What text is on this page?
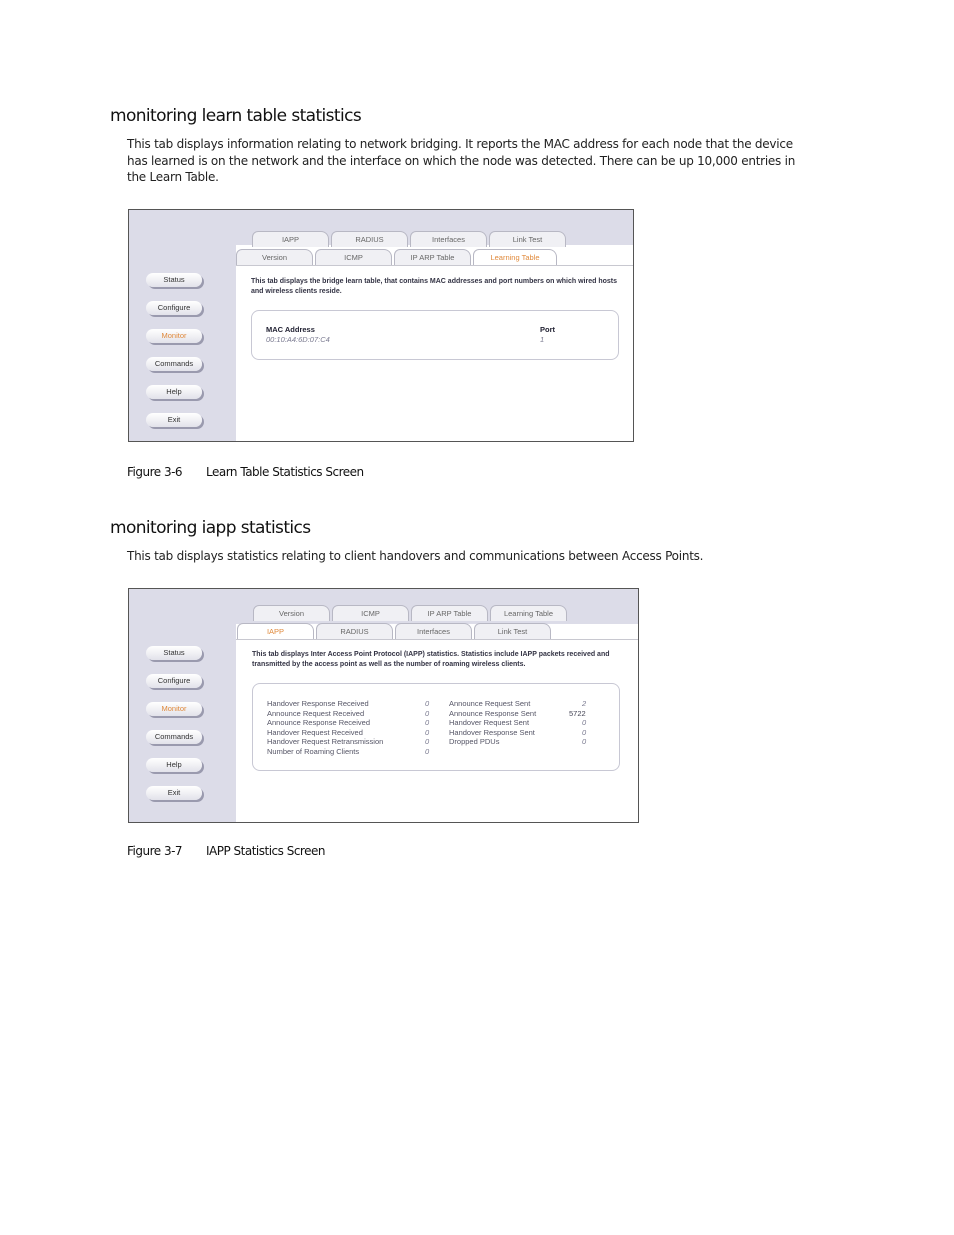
monitoring learn table statistics

This tab displays information relating to network bridging. It reports the MAC address for each node that the device has learned is on the network and the interface on which the node was detected. There can be up 10,000 entries in the Learn Table.

Status
Configure
Monitor
Commands
Help
Exit
IAPP	RADIUS	Interfaces	Link Test
Version	ICMP	IP ARP Table	Learning Table
This tab displays the bridge learn table, that contains MAC addresses and port numbers on which wired hosts and wireless clients reside.
MAC Address	Port
00:10:A4:6D:07:C4	1
Figure 3-6 Learn Table Statistics Screen
monitoring iapp statistics

This tab displays statistics relating to client handovers and communications between Access Points.

Status
Configure
Monitor
Commands
Help
Exit
Version	ICMP	IP ARP Table	Learning Table
IAPP	RADIUS	Interfaces	Link Test
This tab displays Inter Access Point Protocol (IAPP) statistics. Statistics include IAPP packets received and transmitted by the access point as well as the number of roaming wireless clients.
Handover Response Received	0
Announce Request Received	0
Announce Response Received	0
Handover Request Received	0
Handover Request Retransmission	0
Number of Roaming Clients	0
Announce Request Sent	2
Announce Response Sent	5722
Handover Request Sent	0
Handover Response Sent	0
Dropped PDUs	0
Figure 3-7 IAPP Statistics Screen
